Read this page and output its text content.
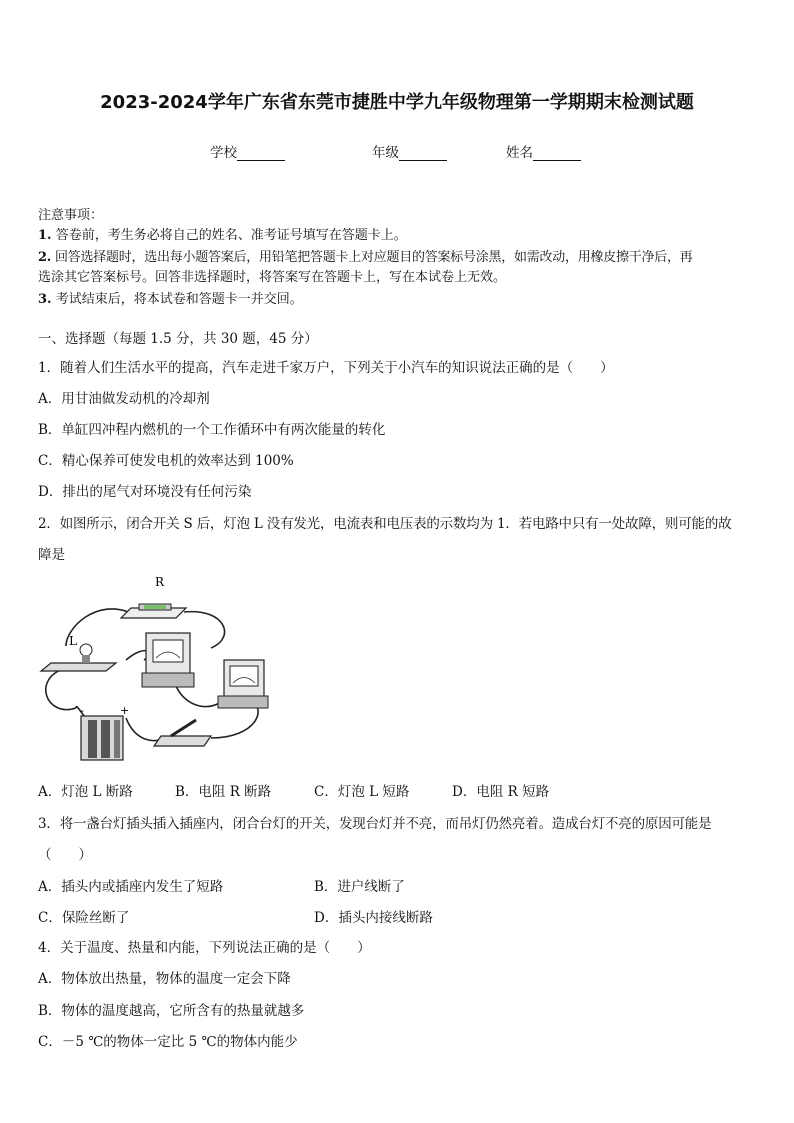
2023-2024学年广东省东莞市捷胜中学九年级物理第一学期期末检测试题
学校	年级	姓名
注意事项：
1. 答卷前，考生务必将自己的姓名、准考证号填写在答题卡上。
2. 回答选择题时，选出每小题答案后，用铅笔把答题卡上对应题目的答案标号涂黑，如需改动，用橡皮擦干净后，再
选涂其它答案标号。回答非选择题时，将答案写在答题卡上，写在本试卷上无效。
3. 考试结束后，将本试卷和答题卡一并交回。
一、选择题（每题 1.5 分，共 30 题，45 分）
1．随着人们生活水平的提高，汽车走进千家万户，下列关于小汽车的知识说法正确的是（　　）
A．用甘油做发动机的冷却剂
B．单缸四冲程内燃机的一个工作循环中有两次能量的转化
C．精心保养可使发电机的效率达到 100%
D．排出的尾气对环境没有任何污染
2．如图所示，闭合开关 S 后，灯泡 L 没有发光，电流表和电压表的示数均为 1．若电路中只有一处故障，则可能的故
障是
R
L
-	+
A．灯泡 L 断路	B．电阻 R 断路	C．灯泡 L 短路	D．电阻 R 短路
3．将一盏台灯插头插入插座内，闭合台灯的开关，发现台灯并不亮，而吊灯仍然亮着。造成台灯不亮的原因可能是
（　　）
A．插头内或插座内发生了短路	B．进户线断了
C．保险丝断了	D．插头内接线断路
4．关于温度、热量和内能，下列说法正确的是（　　）
A．物体放出热量，物体的温度一定会下降
B．物体的温度越高，它所含有的热量就越多
C．－5 ℃的物体一定比 5 ℃的物体内能少
